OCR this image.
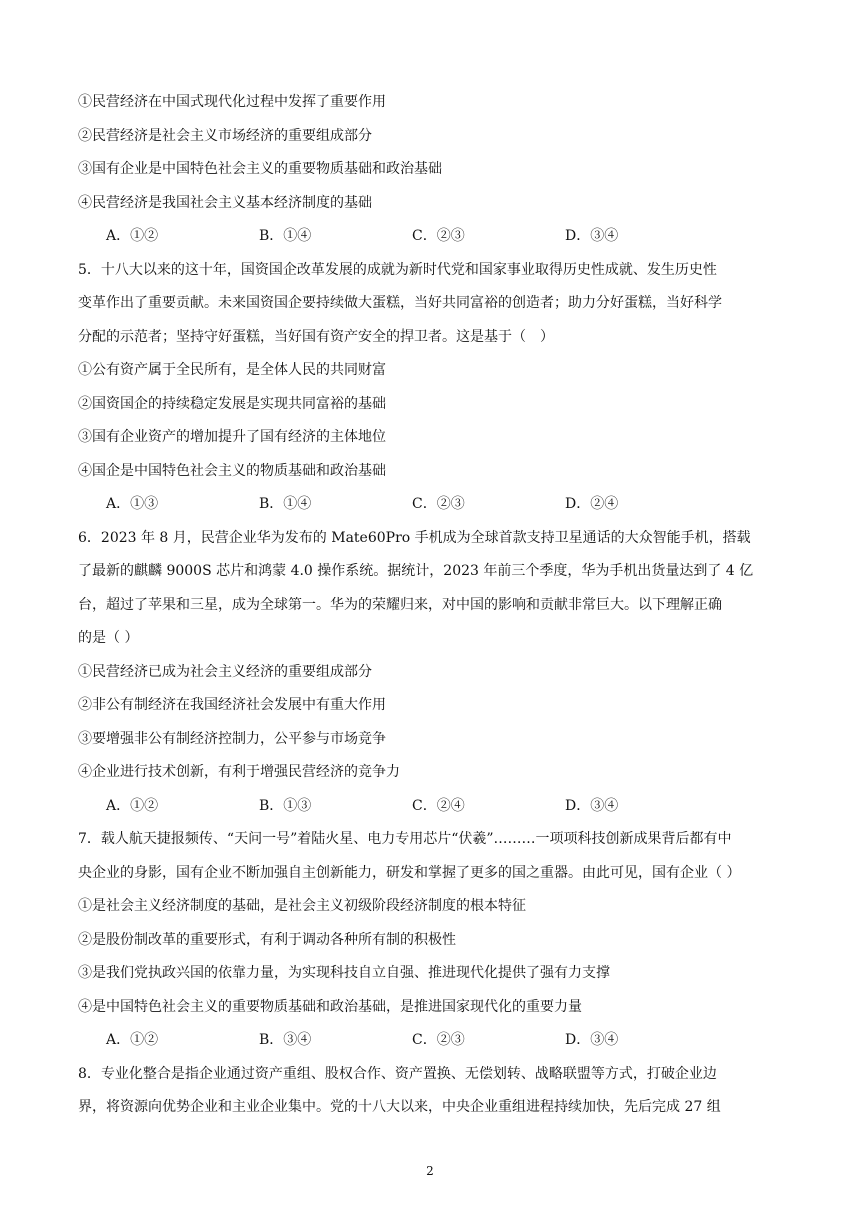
①民营经济在中国式现代化过程中发挥了重要作用
②民营经济是社会主义市场经济的重要组成部分
③国有企业是中国特色社会主义的重要物质基础和政治基础
④民营经济是我国社会主义基本经济制度的基础
A．①②	B．①④	C．②③	D．③④
5．十八大以来的这十年，国资国企改革发展的成就为新时代党和国家事业取得历史性成就、发生历史性
变革作出了重要贡献。未来国资国企要持续做大蛋糕，当好共同富裕的创造者；助力分好蛋糕，当好科学
分配的示范者；坚持守好蛋糕，当好国有资产安全的捍卫者。这是基于（　）
①公有资产属于全民所有，是全体人民的共同财富
②国资国企的持续稳定发展是实现共同富裕的基础
③国有企业资产的增加提升了国有经济的主体地位
④国企是中国特色社会主义的物质基础和政治基础
A．①③	B．①④	C．②③	D．②④
6．2023 年 8 月，民营企业华为发布的 Mate60Pro 手机成为全球首款支持卫星通话的大众智能手机，搭载
了最新的麒麟 9000S 芯片和鸿蒙 4.0 操作系统。据统计，2023 年前三个季度，华为手机出货量达到了 4 亿
台，超过了苹果和三星，成为全球第一。华为的荣耀归来，对中国的影响和贡献非常巨大。以下理解正确
的是（ ）
①民营经济已成为社会主义经济的重要组成部分
②非公有制经济在我国经济社会发展中有重大作用
③要增强非公有制经济控制力，公平参与市场竞争
④企业进行技术创新，有利于增强民营经济的竞争力
A．①②	B．①③	C．②④	D．③④
7．载人航天捷报频传、“天问一号”着陆火星、电力专用芯片“伏羲”………一项项科技创新成果背后都有中
央企业的身影，国有企业不断加强自主创新能力，研发和掌握了更多的国之重器。由此可见，国有企业（ ）
①是社会主义经济制度的基础，是社会主义初级阶段经济制度的根本特征
②是股份制改革的重要形式，有利于调动各种所有制的积极性
③是我们党执政兴国的依靠力量，为实现科技自立自强、推进现代化提供了强有力支撑
④是中国特色社会主义的重要物质基础和政治基础，是推进国家现代化的重要力量
A．①②	B．③④	C．②③	D．③④
8．专业化整合是指企业通过资产重组、股权合作、资产置换、无偿划转、战略联盟等方式，打破企业边
界，将资源向优势企业和主业企业集中。党的十八大以来，中央企业重组进程持续加快，先后完成 27 组
2
